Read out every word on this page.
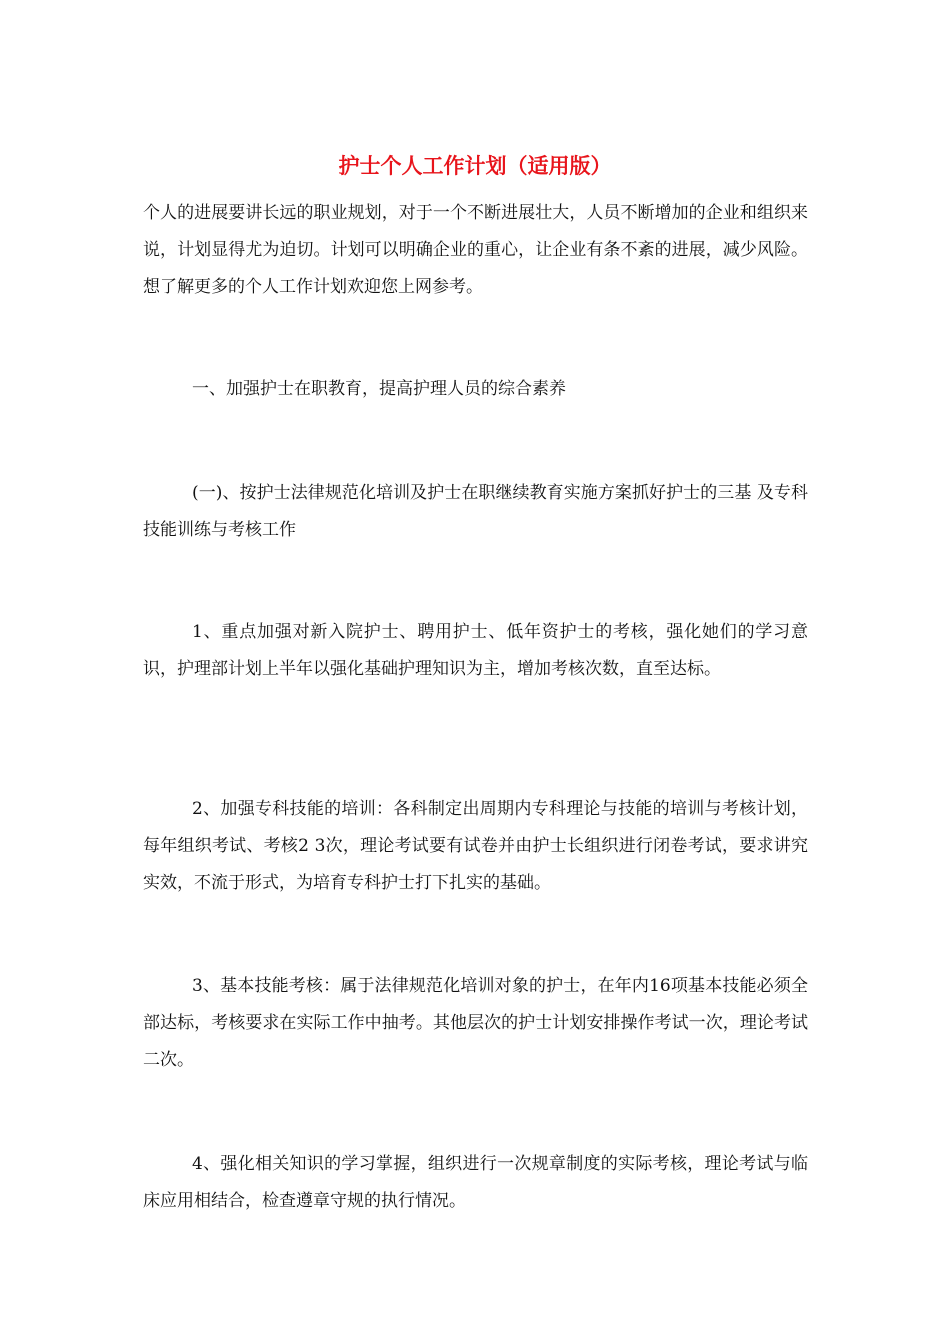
护士个人工作计划（适用版）

个人的进展要讲长远的职业规划，对于一个不断进展壮大，人员不断增加的企业和组织来说，计划显得尤为迫切。计划可以明确企业的重心，让企业有条不紊的进展，减少风险。想了解更多的个人工作计划欢迎您上网参考。

一、加强护士在职教育，提高护理人员的综合素养

(一)、按护士法律规范化培训及护士在职继续教育实施方案抓好护士的三基 及专科技能训练与考核工作

1、重点加强对新入院护士、聘用护士、低年资护士的考核，强化她们的学习意识，护理部计划上半年以强化基础护理知识为主，增加考核次数，直至达标。

2、加强专科技能的培训：各科制定出周期内专科理论与技能的培训与考核计划，每年组织考试、考核2 3次，理论考试要有试卷并由护士长组织进行闭卷考试，要求讲究实效，不流于形式，为培育专科护士打下扎实的基础。

3、基本技能考核：属于法律规范化培训对象的护士，在年内16项基本技能必须全部达标，考核要求在实际工作中抽考。其他层次的护士计划安排操作考试一次，理论考试二次。

4、强化相关知识的学习掌握，组织进行一次规章制度的实际考核，理论考试与临床应用相结合，检查遵章守规的执行情况。
